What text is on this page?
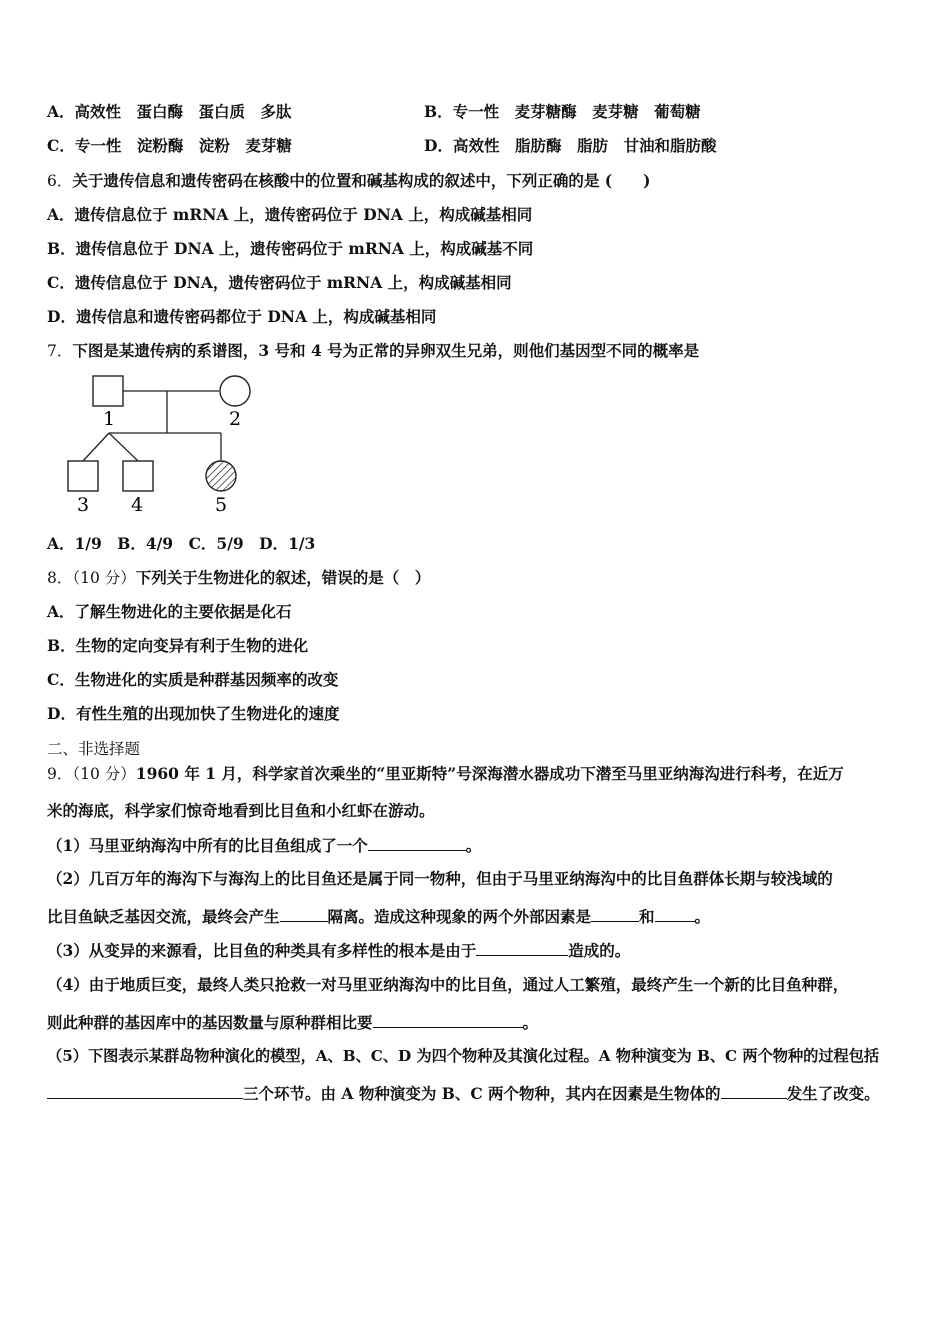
A．高效性　蛋白酶　蛋白质　多肽	B．专一性　麦芽糖酶　麦芽糖　葡萄糖
C．专一性　淀粉酶　淀粉　麦芽糖	D．高效性　脂肪酶　脂肪　甘油和脂肪酸
6．关于遗传信息和遗传密码在核酸中的位置和碱基构成的叙述中，下列正确的是 (　　)
A．遗传信息位于 mRNA 上，遗传密码位于 DNA 上，构成碱基相同
B．遗传信息位于 DNA 上，遗传密码位于 mRNA 上，构成碱基不同
C．遗传信息位于 DNA，遗传密码位于 mRNA 上，构成碱基相同
D．遗传信息和遗传密码都位于 DNA 上，构成碱基相同
7．下图是某遗传病的系谱图，3 号和 4 号为正常的异卵双生兄弟，则他们基因型不同的概率是
1	2
3 4	5
A．1/9　B．4/9　C．5/9　D．1/3
8．（10 分）下列关于生物进化的叙述，错误的是（　）
A．了解生物进化的主要依据是化石
B．生物的定向变异有利于生物的进化
C．生物进化的实质是种群基因频率的改变
D．有性生殖的出现加快了生物进化的速度
二、非选择题
9．（10 分）1960 年 1 月，科学家首次乘坐的“里亚斯特”号深海潜水器成功下潜至马里亚纳海沟进行科考，在近万
米的海底，科学家们惊奇地看到比目鱼和小红虾在游动。
（1）马里亚纳海沟中所有的比目鱼组成了一个	。
（2）几百万年的海沟下与海沟上的比目鱼还是属于同一物种，但由于马里亚纳海沟中的比目鱼群体长期与较浅域的
比目鱼缺乏基因交流，最终会产生	隔离。造成这种现象的两个外部因素是	和	。
（3）从变异的来源看，比目鱼的种类具有多样性的根本是由于	造成的。
（4）由于地质巨变，最终人类只抢救一对马里亚纳海沟中的比目鱼，通过人工繁殖，最终产生一个新的比目鱼种群，
则此种群的基因库中的基因数量与原种群相比要	。
（5）下图表示某群岛物种演化的模型，A、B、C、D 为四个物种及其演化过程。A 物种演变为 B、C 两个物种的过程包括
三个环节。由 A 物种演变为 B、C 两个物种，其内在因素是生物体的	发生了改变。
